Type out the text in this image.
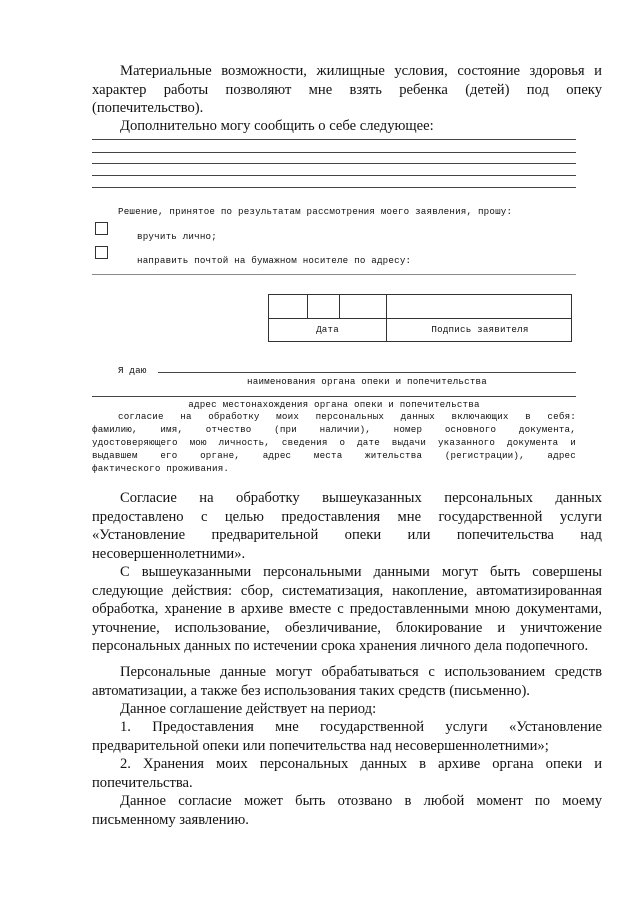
Материальные возможности, жилищные условия, состояние здоровья и характер работы позволяют мне взять ребенка (детей) под опеку (попечительство).

Дополнительно могу сообщить о себе следующее:

Решение, принятое по результатам рассмотрения моего заявления, прошу:

вручить лично;

направить почтой на бумажном носителе по адресу:

Дата	Подпись заявителя

Я даю

наименования органа опеки и попечительства

адрес местонахождения органа опеки и попечительства

согласие на обработку моих персональных данных включающих в себя:

фамилию, имя, отчество (при наличии), номер основного документа,

удостоверяющего мою личность, сведения о дате выдачи указанного документа и

выдавшем его органе, адрес места жительства (регистрации), адрес

фактического проживания.

Согласие на обработку вышеуказанных персональных данных предоставлено с целью предоставления мне государственной услуги «Установление предварительной опеки или попечительства над несовершеннолетними».

С вышеуказанными персональными данными могут быть совершены следующие действия: сбор, систематизация, накопление, автоматизированная обработка, хранение в архиве вместе с предоставленными мною документами, уточнение, использование, обезличивание, блокирование и уничтожение персональных данных по истечении срока хранения личного дела подопечного.

Персональные данные могут обрабатываться с использованием средств автоматизации, а также без использования таких средств (письменно).

Данное соглашение действует на период:

1. Предоставления мне государственной услуги «Установление предварительной опеки или попечительства над несовершеннолетними»;

2. Хранения моих персональных данных в архиве органа опеки и попечительства.

Данное согласие может быть отозвано в любой момент по моему письменному заявлению.
